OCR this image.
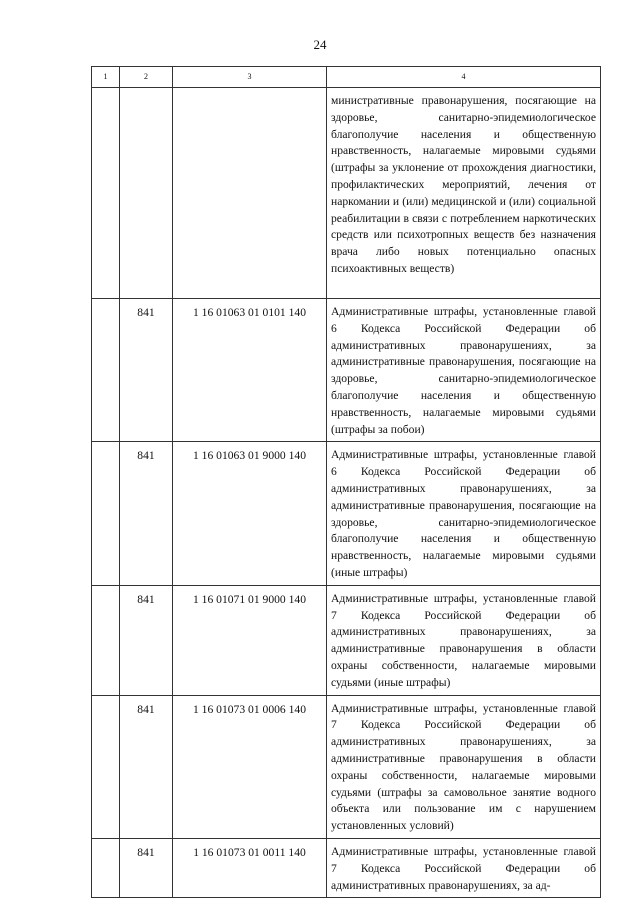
24
1	2	3	4

			министративные правонарушения, посягающие на здоровье, санитарно-эпидемиологическое благополучие населения и общественную нравственность, налагаемые мировыми судьями (штрафы за уклонение от прохождения диагностики, профилактических мероприятий, лечения от наркомании и (или) медицинской и (или) социальной реабилитации в связи с потреблением наркотических средств или психотропных веществ без назначения врача либо новых потенциально опасных психоактивных веществ)

	841	1 16 01063 01 0101 140	Административные штрафы, установленные главой 6 Кодекса Российской Федерации об административных правонарушениях, за административные правонарушения, посягающие на здоровье, санитарно-эпидемиологическое благополучие населения и общественную нравственность, налагаемые мировыми судьями (штрафы за побои)

	841	1 16 01063 01 9000 140	Административные штрафы, установленные главой 6 Кодекса Российской Федерации об административных правонарушениях, за административные правонарушения, посягающие на здоровье, санитарно-эпидемиологическое благополучие населения и общественную нравственность, налагаемые мировыми судьями (иные штрафы)

	841	1 16 01071 01 9000 140	Административные штрафы, установленные главой 7 Кодекса Российской Федерации об административных правонарушениях, за административные правонарушения в области охраны собственности, налагаемые мировыми судьями (иные штрафы)

	841	1 16 01073 01 0006 140	Административные штрафы, установленные главой 7 Кодекса Российской Федерации об административных правонарушениях, за административные правонарушения в области охраны собственности, налагаемые мировыми судьями (штрафы за самовольное занятие водного объекта или пользование им с нарушением установленных условий)

	841	1 16 01073 01 0011 140	Административные штрафы, установленные главой 7 Кодекса Российской Федерации об административных правонарушениях, за ад-
